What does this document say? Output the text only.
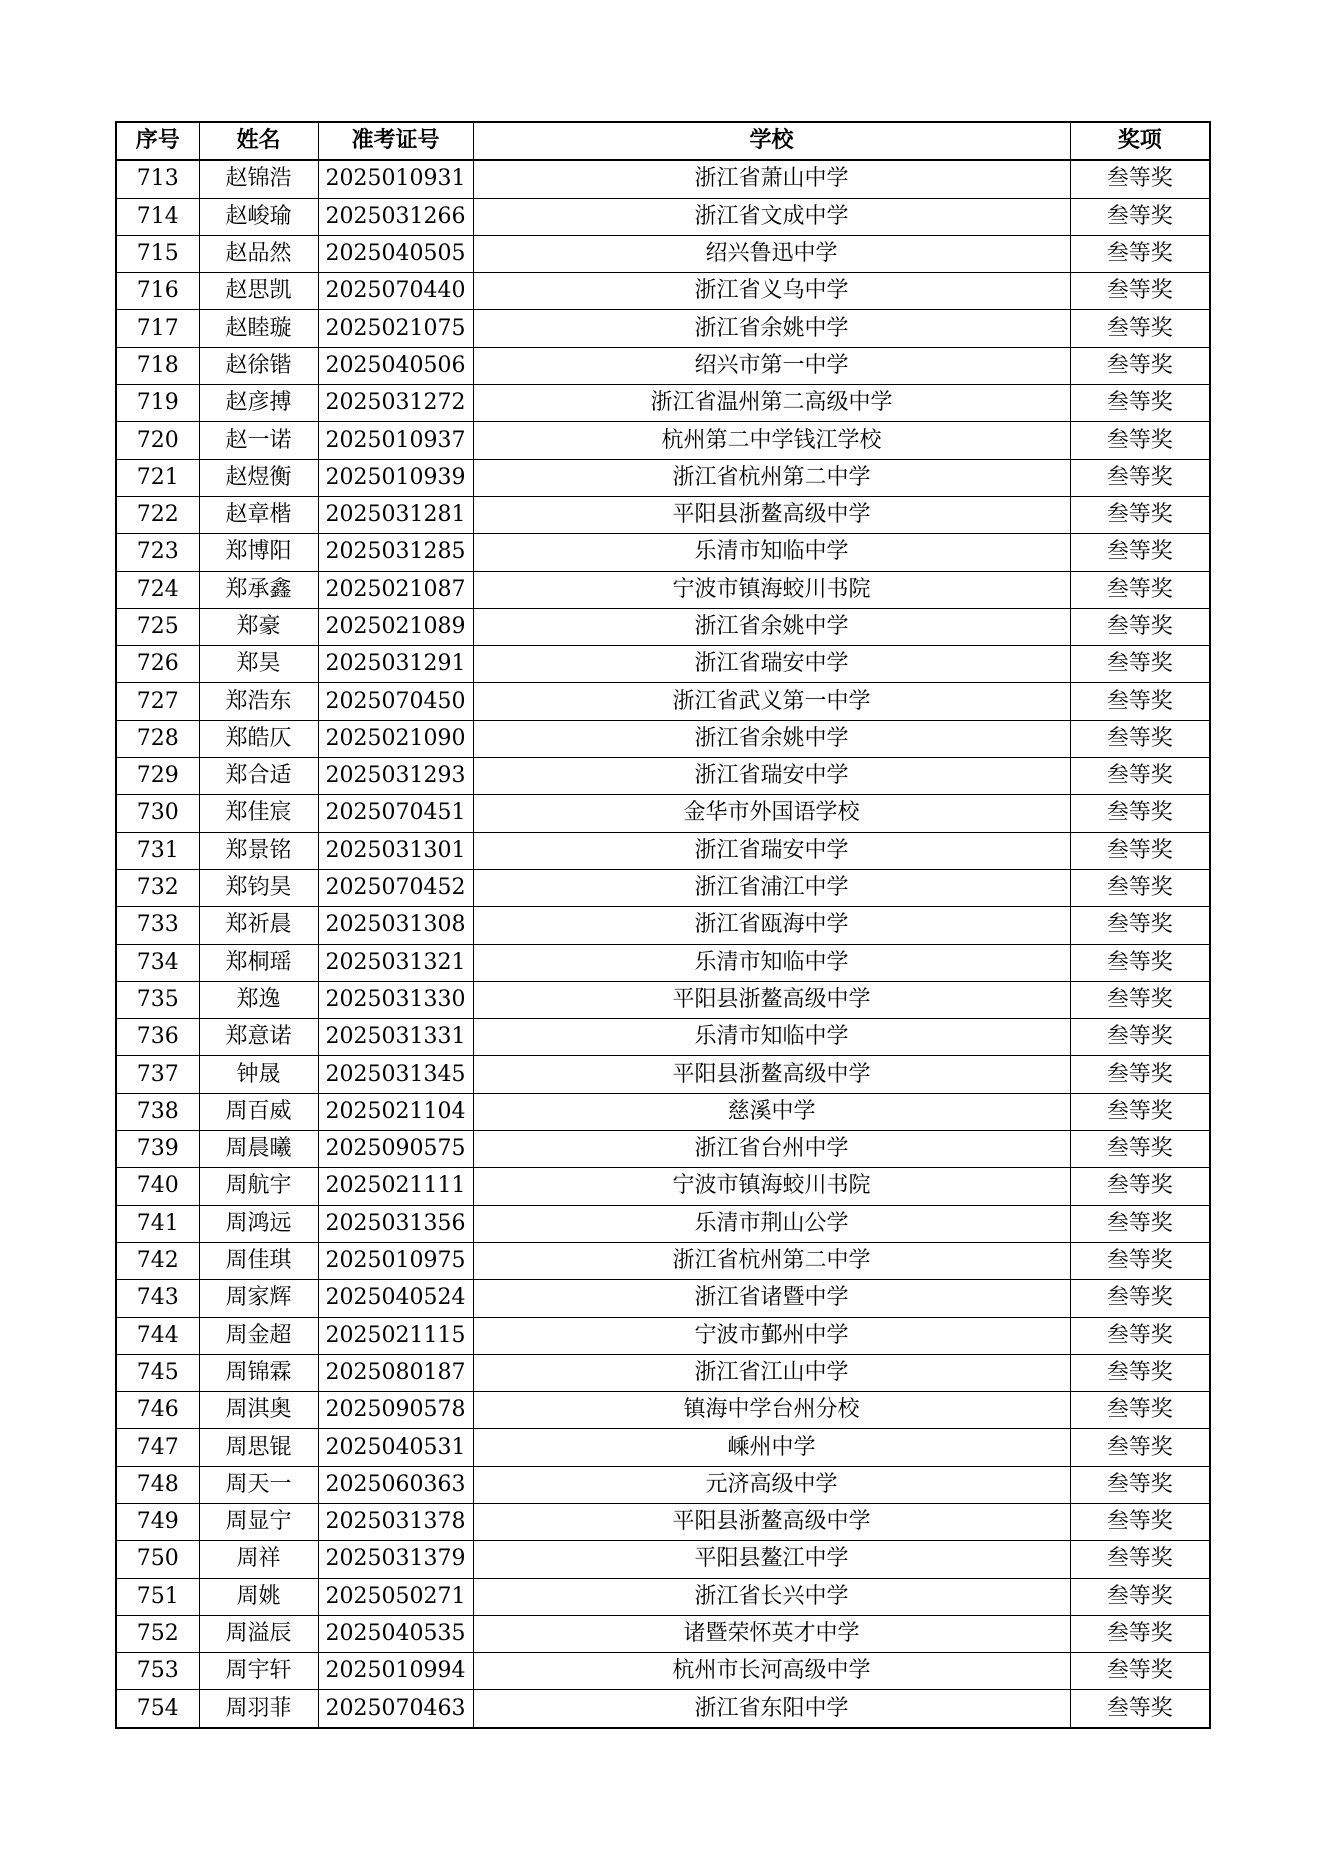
序号	姓名	准考证号	学校	奖项
713	赵锦浩	2025010931	浙江省萧山中学	叁等奖
714	赵峻瑜	2025031266	浙江省文成中学	叁等奖
715	赵品然	2025040505	绍兴鲁迅中学	叁等奖
716	赵思凯	2025070440	浙江省义乌中学	叁等奖
717	赵睦璇	2025021075	浙江省余姚中学	叁等奖
718	赵徐锴	2025040506	绍兴市第一中学	叁等奖
719	赵彦搏	2025031272	浙江省温州第二高级中学	叁等奖
720	赵一诺	2025010937	杭州第二中学钱江学校	叁等奖
721	赵煜衡	2025010939	浙江省杭州第二中学	叁等奖
722	赵章楷	2025031281	平阳县浙鳌高级中学	叁等奖
723	郑博阳	2025031285	乐清市知临中学	叁等奖
724	郑承鑫	2025021087	宁波市镇海蛟川书院	叁等奖
725	郑豪	2025021089	浙江省余姚中学	叁等奖
726	郑昊	2025031291	浙江省瑞安中学	叁等奖
727	郑浩东	2025070450	浙江省武义第一中学	叁等奖
728	郑皓仄	2025021090	浙江省余姚中学	叁等奖
729	郑合适	2025031293	浙江省瑞安中学	叁等奖
730	郑佳宸	2025070451	金华市外国语学校	叁等奖
731	郑景铭	2025031301	浙江省瑞安中学	叁等奖
732	郑钧昊	2025070452	浙江省浦江中学	叁等奖
733	郑祈晨	2025031308	浙江省瓯海中学	叁等奖
734	郑桐瑶	2025031321	乐清市知临中学	叁等奖
735	郑逸	2025031330	平阳县浙鳌高级中学	叁等奖
736	郑意诺	2025031331	乐清市知临中学	叁等奖
737	钟晟	2025031345	平阳县浙鳌高级中学	叁等奖
738	周百威	2025021104	慈溪中学	叁等奖
739	周晨曦	2025090575	浙江省台州中学	叁等奖
740	周航宇	2025021111	宁波市镇海蛟川书院	叁等奖
741	周鸿远	2025031356	乐清市荆山公学	叁等奖
742	周佳琪	2025010975	浙江省杭州第二中学	叁等奖
743	周家辉	2025040524	浙江省诸暨中学	叁等奖
744	周金超	2025021115	宁波市鄞州中学	叁等奖
745	周锦霖	2025080187	浙江省江山中学	叁等奖
746	周淇奥	2025090578	镇海中学台州分校	叁等奖
747	周思锟	2025040531	嵊州中学	叁等奖
748	周天一	2025060363	元济高级中学	叁等奖
749	周显宁	2025031378	平阳县浙鳌高级中学	叁等奖
750	周祥	2025031379	平阳县鳌江中学	叁等奖
751	周姚	2025050271	浙江省长兴中学	叁等奖
752	周溢辰	2025040535	诸暨荣怀英才中学	叁等奖
753	周宇轩	2025010994	杭州市长河高级中学	叁等奖
754	周羽菲	2025070463	浙江省东阳中学	叁等奖
